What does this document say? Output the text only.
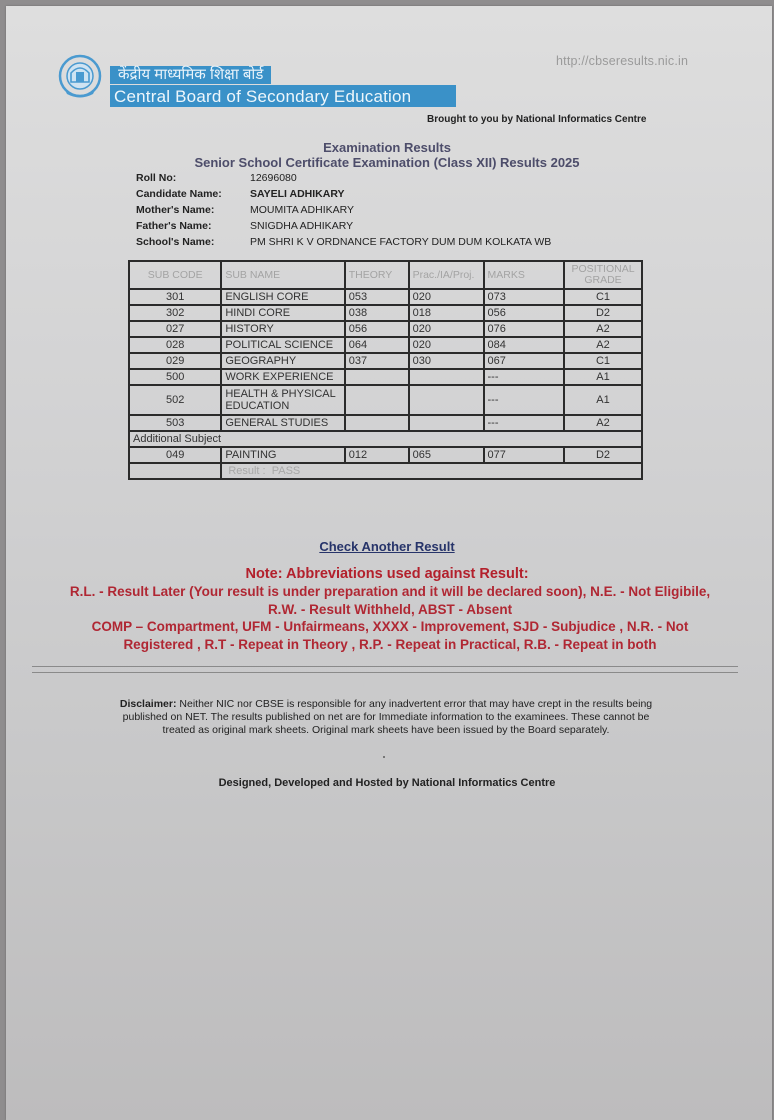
केंद्रीय माध्यमिक शिक्षा बोर्ड
Central Board of Secondary Education
http://cbseresults.nic.in
Brought to you by National Informatics Centre
Examination Results
Senior School Certificate Examination (Class XII) Results 2025
Roll No:	12696080
Candidate Name:	SAYELI ADHIKARY
Mother's Name:	MOUMITA ADHIKARY
Father's Name:	SNIGDHA ADHIKARY
School's Name:	PM SHRI K V ORDNANCE FACTORY DUM DUM KOLKATA WB
SUB CODE	SUB NAME	THEORY	Prac./IA/Proj.	MARKS	POSITIONAL
GRADE
301	ENGLISH CORE	053	020	073	C1
302	HINDI CORE	038	018	056	D2
027	HISTORY	056	020	076	A2
028	POLITICAL SCIENCE	064	020	084	A2
029	GEOGRAPHY	037	030	067	C1
500	WORK EXPERIENCE			---	A1
502	HEALTH & PHYSICAL EDUCATION			---	A1
503	GENERAL STUDIES			---	A2
Additional Subject					
049	PAINTING	012	065	077	D2
	Result : PASS				
Check Another Result
Note: Abbreviations used against Result:
R.L. - Result Later (Your result is under preparation and it will be declared soon), N.E. - Not Eligibile,
R.W. - Result Withheld, ABST - Absent
COMP – Compartment, UFM - Unfairmeans, XXXX - Improvement, SJD - Subjudice , N.R. - Not
Registered , R.T - Repeat in Theory , R.P. - Repeat in Practical, R.B. - Repeat in both
Disclaimer: Neither NIC nor CBSE is responsible for any inadvertent error that may have crept in the results being published on NET. The results published on net are for Immediate information to the examinees. These cannot be treated as original mark sheets. Original mark sheets have been issued by the Board separately.
Designed, Developed and Hosted by National Informatics Centre
